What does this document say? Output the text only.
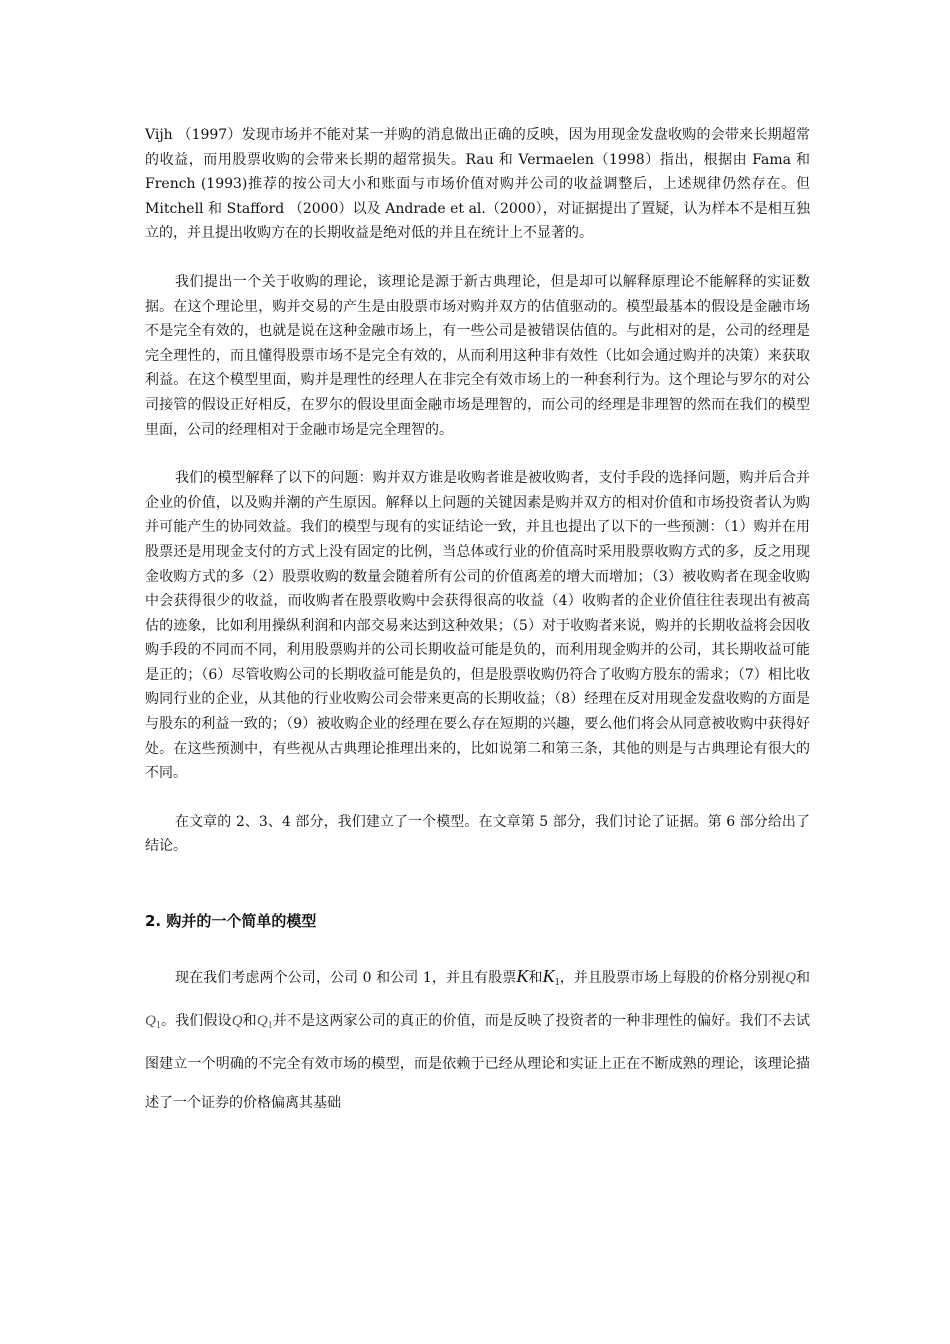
Vijh （1997）发现市场并不能对某一并购的消息做出正确的反映，因为用现金发盘收购的会带来长期超常的收益，而用股票收购的会带来长期的超常损失。Rau 和 Vermaelen（1998）指出，根据由 Fama 和 French (1993)推荐的按公司大小和账面与市场价值对购并公司的收益调整后，上述规律仍然存在。但 Mitchell 和 Stafford （2000）以及 Andrade et al.（2000），对证据提出了置疑，认为样本不是相互独立的，并且提出收购方在的长期收益是绝对低的并且在统计上不显著的。

我们提出一个关于收购的理论，该理论是源于新古典理论，但是却可以解释原理论不能解释的实证数据。在这个理论里，购并交易的产生是由股票市场对购并双方的估值驱动的。模型最基本的假设是金融市场不是完全有效的，也就是说在这种金融市场上，有一些公司是被错误估值的。与此相对的是，公司的经理是完全理性的，而且懂得股票市场不是完全有效的，从而利用这种非有效性（比如会通过购并的决策）来获取利益。在这个模型里面，购并是理性的经理人在非完全有效市场上的一种套利行为。这个理论与罗尔的对公司接管的假设正好相反，在罗尔的假设里面金融市场是理智的，而公司的经理是非理智的然而在我们的模型里面，公司的经理相对于金融市场是完全理智的。

我们的模型解释了以下的问题：购并双方谁是收购者谁是被收购者，支付手段的选择问题，购并后合并企业的价值，以及购并潮的产生原因。解释以上问题的关键因素是购并双方的相对价值和市场投资者认为购并可能产生的协同效益。我们的模型与现有的实证结论一致，并且也提出了以下的一些预测：（1）购并在用股票还是用现金支付的方式上没有固定的比例，当总体或行业的价值高时采用股票收购方式的多，反之用现金收购方式的多（2）股票收购的数量会随着所有公司的价值离差的增大而增加；（3）被收购者在现金收购中会获得很少的收益，而收购者在股票收购中会获得很高的收益（4）收购者的企业价值往往表现出有被高估的迹象，比如利用操纵利润和内部交易来达到这种效果；（5）对于收购者来说，购并的长期收益将会因收购手段的不同而不同，利用股票购并的公司长期收益可能是负的，而利用现金购并的公司，其长期收益可能是正的；（6）尽管收购公司的长期收益可能是负的，但是股票收购仍符合了收购方股东的需求；（7）相比收购同行业的企业，从其他的行业收购公司会带来更高的长期收益；（8）经理在反对用现金发盘收购的方面是与股东的利益一致的；（9）被收购企业的经理在要么存在短期的兴趣，要么他们将会从同意被收购中获得好处。在这些预测中，有些视从古典理论推理出来的，比如说第二和第三条，其他的则是与古典理论有很大的不同。

在文章的 2、3、4 部分，我们建立了一个模型。在文章第 5 部分，我们讨论了证据。第 6 部分给出了结论。

2. 购并的一个简单的模型

现在我们考虑两个公司，公司 0 和公司 1，并且有股票K和$K_1$，并且股票市场上每股的价格分别视Q和$Q_1$。我们假设Q和$Q_1$并不是这两家公司的真正的价值，而是反映了投资者的一种非理性的偏好。我们不去试图建立一个明确的不完全有效市场的模型，而是依赖于已经从理论和实证上正在不断成熟的理论，该理论描述了一个证券的价格偏离其基础
